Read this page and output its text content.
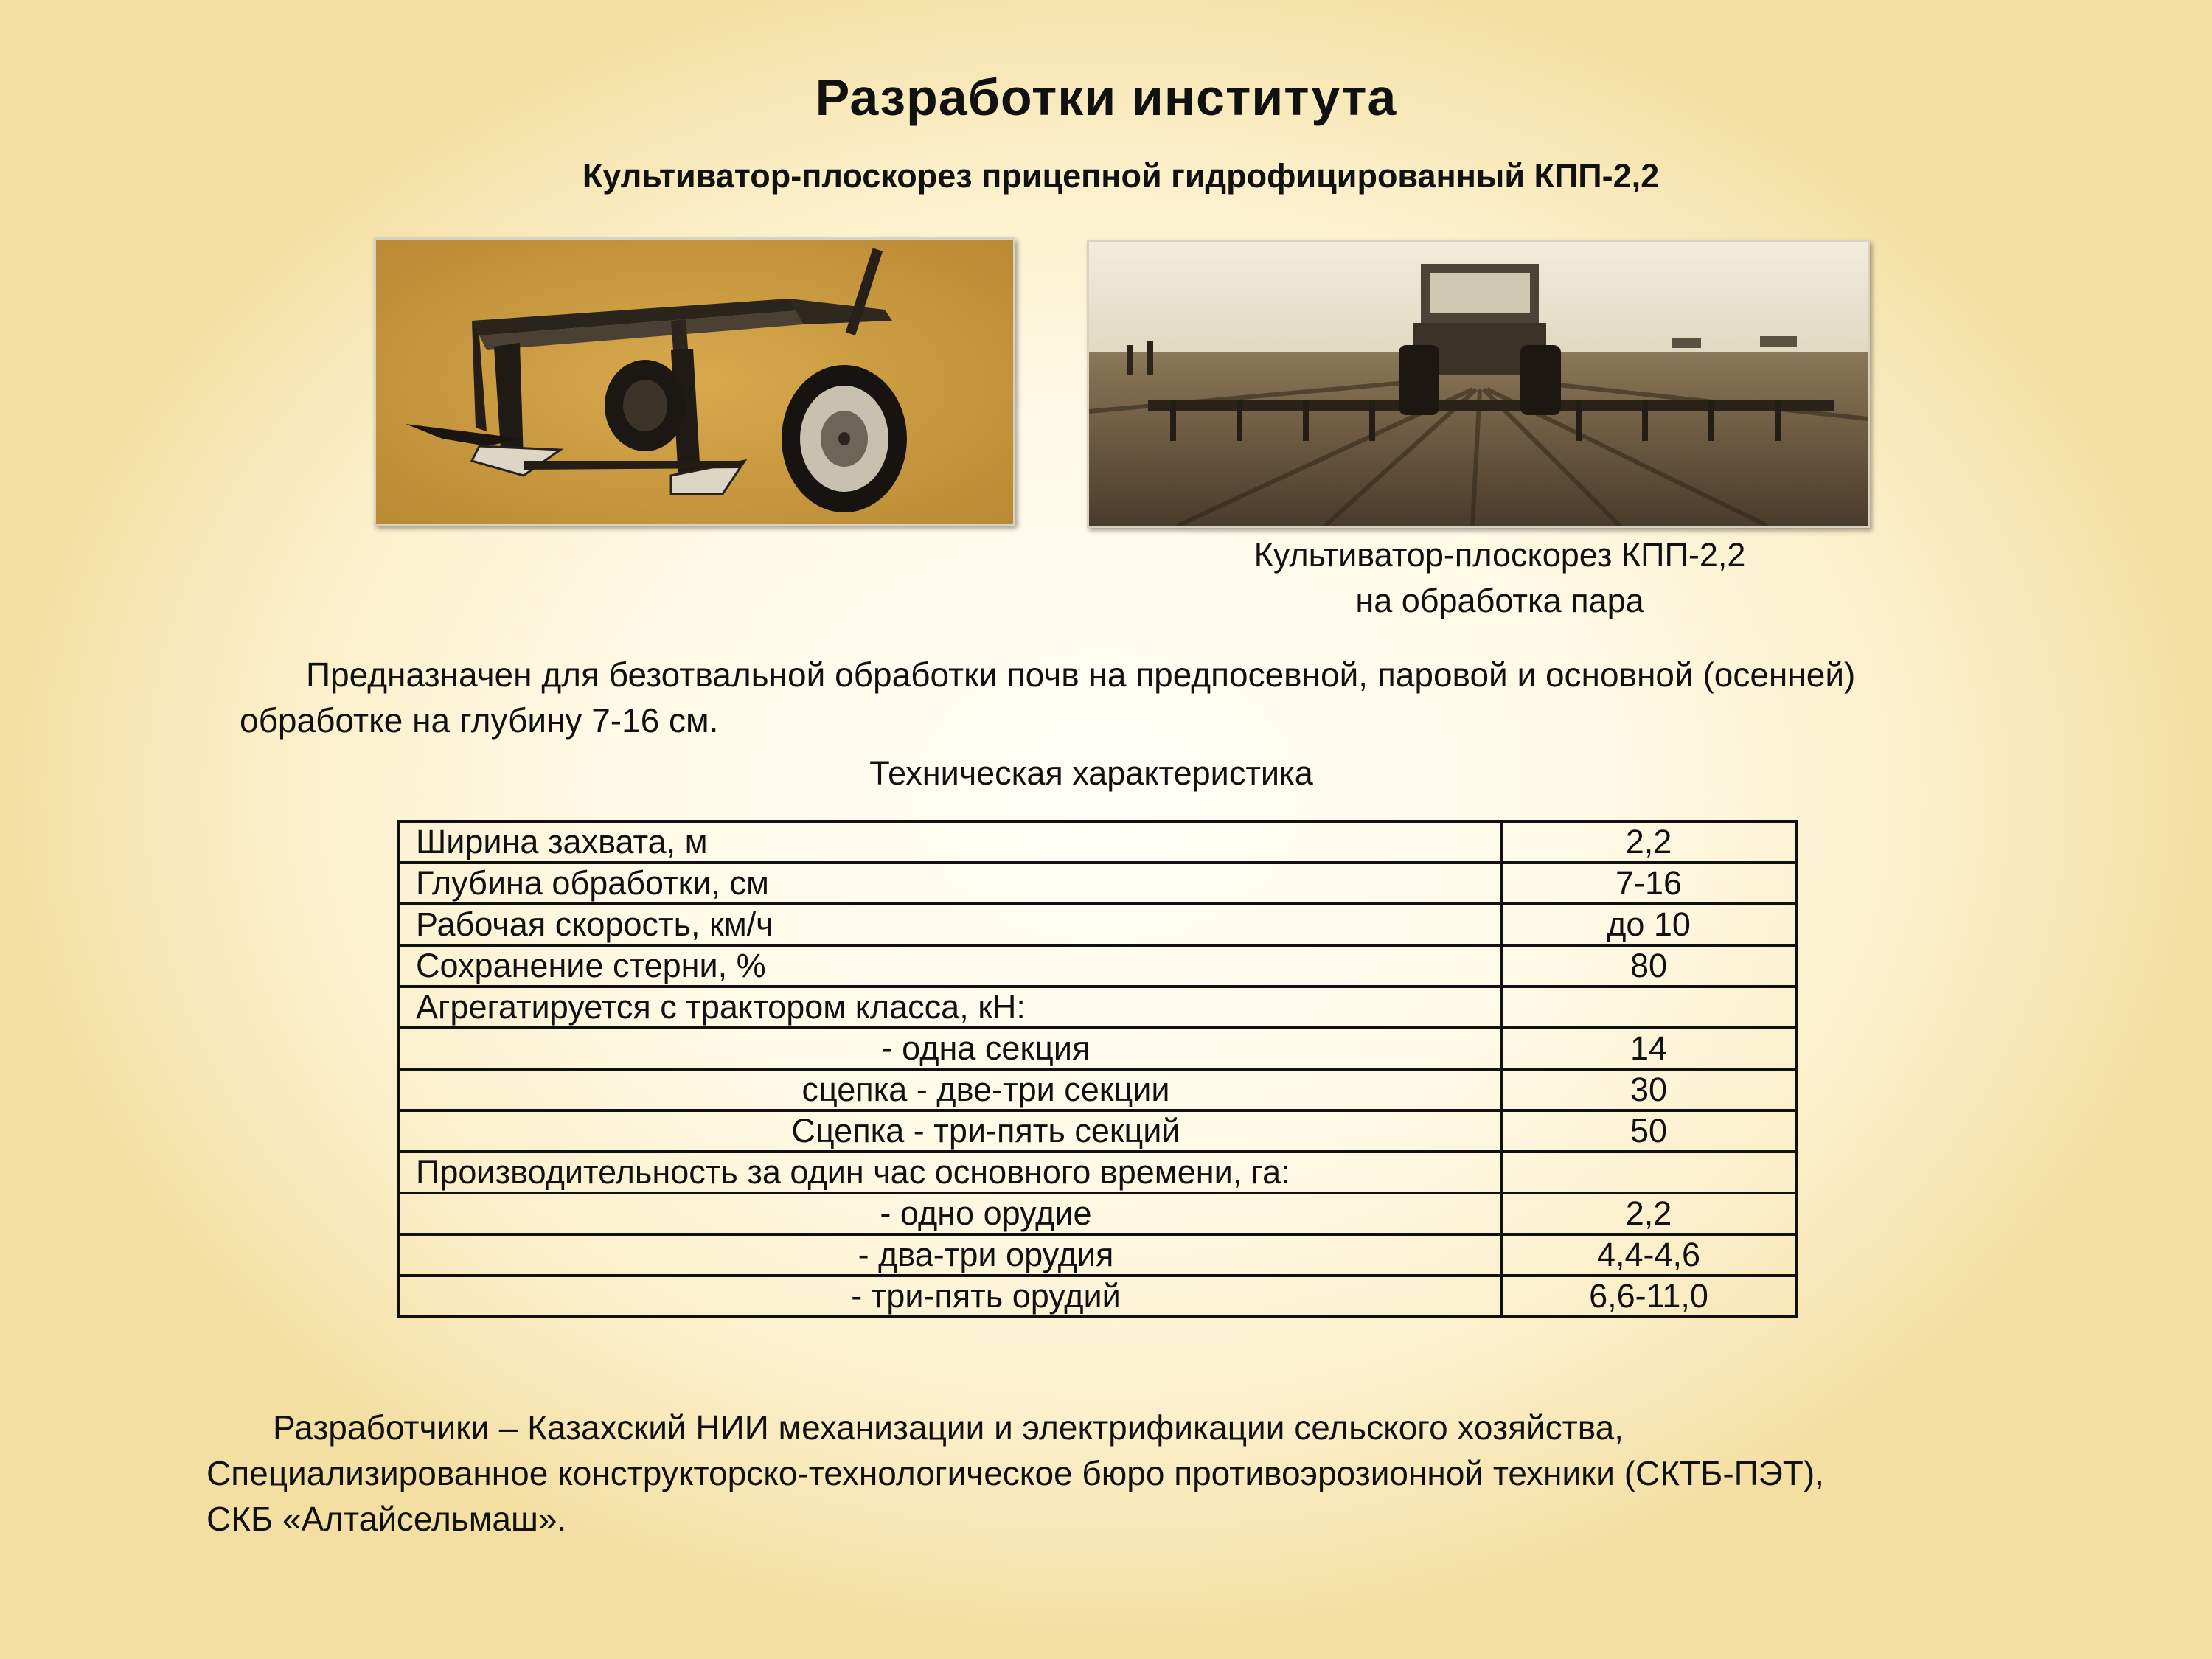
Разработки института
Культиватор-плоскорез прицепной гидрофицированный КПП-2,2
Культиватор-плоскорез КПП-2,2
на обработка пара
Предназначен для безотвальной обработки почв на предпосевной, паровой и основной (осенней) обработке на глубину 7-16 см.
Техническая характеристика
Ширина захвата, м	2,2
Глубина обработки, см	7-16
Рабочая скорость, км/ч	до 10
Сохранение стерни, %	80
Агрегатируется с трактором класса, кН:	
- одна секция	14
сцепка - две-три секции	30
Сцепка - три-пять секций	50
Производительность за один час основного времени, га:	
- одно орудие	2,2
- два-три орудия	4,4-4,6
- три-пять орудий	6,6-11,0
Разработчики – Казахский НИИ механизации и электрификации сельского хозяйства,
Специализированное конструкторско-технологическое бюро противоэрозионной техники (СКТБ-ПЭТ),
СКБ «Алтайсельмаш».
